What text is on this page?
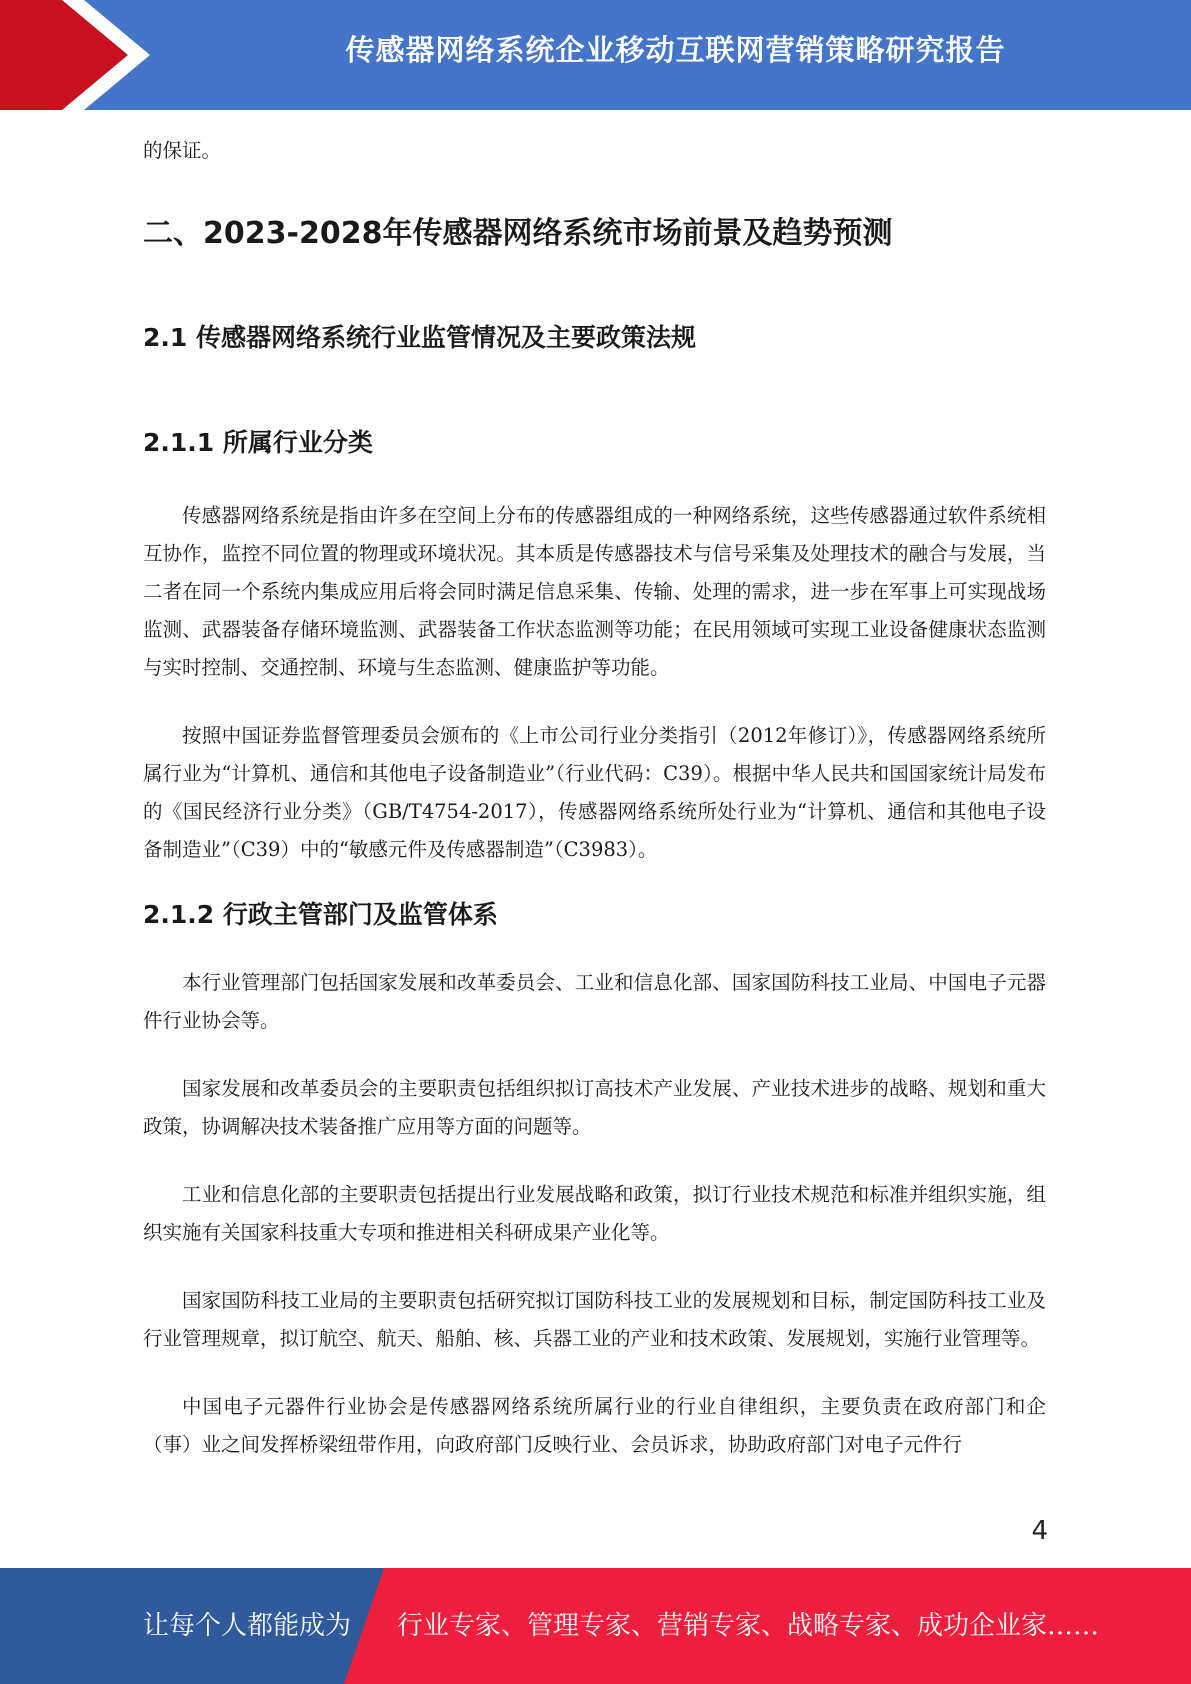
传感器网络系统企业移动互联网营销策略研究报告

的保证。

二、2023-2028年传感器网络系统市场前景及趋势预测
2.1 传感器网络系统行业监管情况及主要政策法规
2.1.1 所属行业分类

传感器网络系统是指由许多在空间上分布的传感器组成的一种网络系统，这些传感器通过软件系统相互协作，监控不同位置的物理或环境状况。其本质是传感器技术与信号采集及处理技术的融合与发展，当二者在同一个系统内集成应用后将会同时满足信息采集、传输、处理的需求，进一步在军事上可实现战场监测、武器装备存储环境监测、武器装备工作状态监测等功能；在民用领域可实现工业设备健康状态监测与实时控制、交通控制、环境与生态监测、健康监护等功能。

按照中国证券监督管理委员会颁布的《上市公司行业分类指引（2012年修订）》，传感器网络系统所属行业为“计算机、通信和其他电子设备制造业”（行业代码：C39）。根据中华人民共和国国家统计局发布的《国民经济行业分类》（GB/T4754-2017），传感器网络系统所处行业为“计算机、通信和其他电子设备制造业”（C39）中的“敏感元件及传感器制造”（C3983）。

2.1.2 行政主管部门及监管体系

本行业管理部门包括国家发展和改革委员会、工业和信息化部、国家国防科技工业局、中国电子元器件行业协会等。

国家发展和改革委员会的主要职责包括组织拟订高技术产业发展、产业技术进步的战略、规划和重大政策，协调解决技术装备推广应用等方面的问题等。

工业和信息化部的主要职责包括提出行业发展战略和政策，拟订行业技术规范和标准并组织实施，组织实施有关国家科技重大专项和推进相关科研成果产业化等。

国家国防科技工业局的主要职责包括研究拟订国防科技工业的发展规划和目标，制定国防科技工业及行业管理规章，拟订航空、航天、船舶、核、兵器工业的产业和技术政策、发展规划，实施行业管理等。

中国电子元器件行业协会是传感器网络系统所属行业的行业自律组织，主要负责在政府部门和企（事）业之间发挥桥梁纽带作用，向政府部门反映行业、会员诉求，协助政府部门对电子元件行

4
让每个人都能成为 行业专家、管理专家、营销专家、战略专家、成功企业家……
